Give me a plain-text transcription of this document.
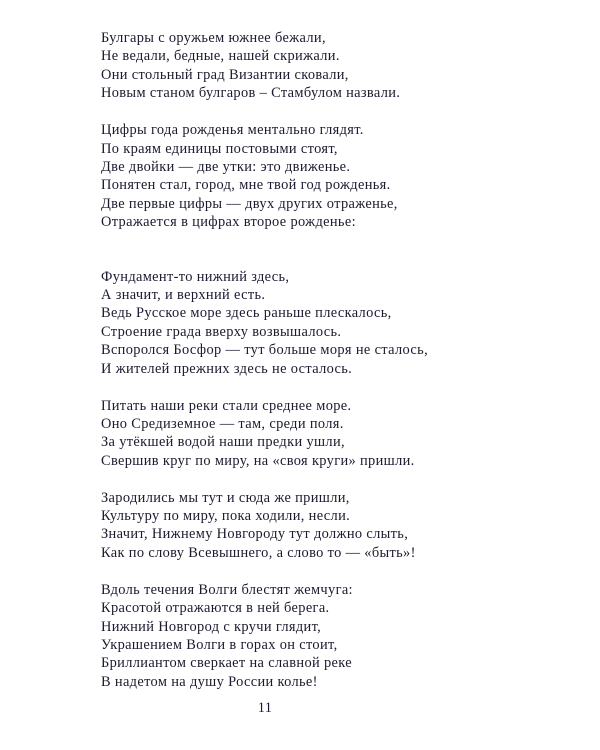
Булгары с оружьем южнее бежали,
Не ведали, бедные, нашей скрижали.
Они стольный град Византии сковали,
Новым станом булгаров – Стамбулом назвали.
Цифры года рожденья ментально глядят.
По краям единицы постовыми стоят,
Две двойки — две утки: это движенье.
Понятен стал, город, мне твой год рожденья.
Две первые цифры — двух других отраженье,
Отражается в цифрах второе рожденье:
Фундамент-то нижний здесь,
А значит, и верхний есть.
Ведь Русское море здесь раньше плескалось,
Строение града вверху возвышалось.
Вспоролся Босфор — тут больше моря не сталось,
И жителей прежних здесь не осталось.
Питать наши реки стали среднее море.
Оно Средиземное — там, среди поля.
За утёкшей водой наши предки ушли,
Свершив круг по миру, на «своя круги» пришли.
Зародились мы тут и сюда же пришли,
Культуру по миру, пока ходили, несли.
Значит, Нижнему Новгороду тут должно слыть,
Как по слову Всевышнего, а слово то — «быть»!
Вдоль течения Волги блестят жемчуга:
Красотой отражаются в ней берега.
Нижний Новгород с кручи глядит,
Украшением Волги в горах он стоит,
Бриллиантом сверкает на славной реке
В надетом на душу России колье!
11
